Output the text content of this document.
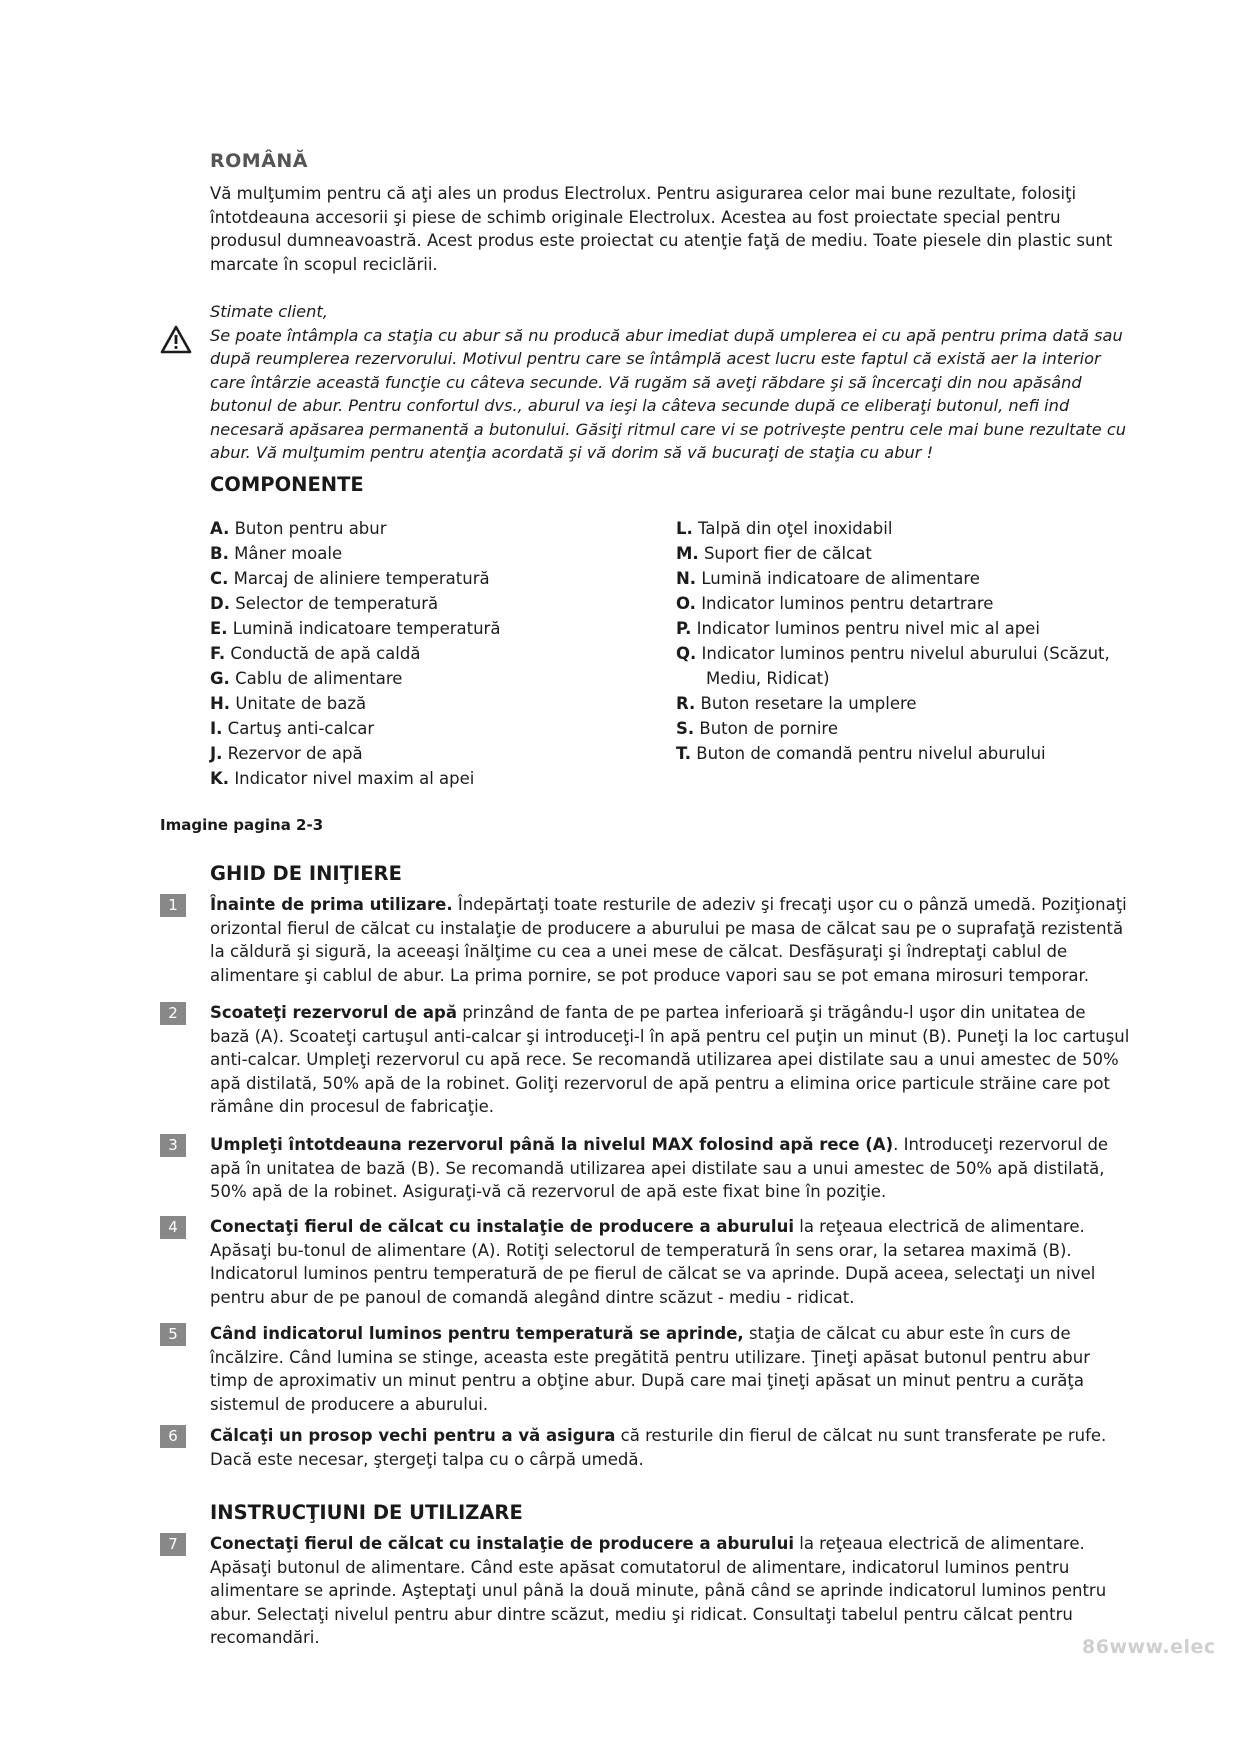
ROMÂNĂ

Vă mulţumim pentru că aţi ales un produs Electrolux. Pentru asigurarea celor mai bune rezultate, folosiţi întotdeauna accesorii şi piese de schimb originale Electrolux. Acestea au fost proiectate special pentru produsul dumneavoastră. Acest produs este proiectat cu atenţie faţă de mediu. Toate piesele din plastic sunt marcate în scopul reciclării.

Stimate client,
Se poate întâmpla ca staţia cu abur să nu producă abur imediat după umplerea ei cu apă pentru prima dată sau după reumplerea rezervorului. Motivul pentru care se întâmplă acest lucru este faptul că există aer la interior care întârzie această funcţie cu câteva secunde. Vă rugăm să aveţi răbdare şi să încercaţi din nou apăsând butonul de abur. Pentru confortul dvs., aburul va ieşi la câteva secunde după ce eliberaţi butonul, nefi ind necesară apăsarea permanentă a butonului. Găsiţi ritmul care vi se potriveşte pentru cele mai bune rezultate cu abur. Vă mulţumim pentru atenţia acordată şi vă dorim să vă bucuraţi de staţia cu abur !
COMPONENTE
A. Buton pentru abur
B. Mâner moale
C. Marcaj de aliniere temperatură
D. Selector de temperatură
E. Lumină indicatoare temperatură
F. Conductă de apă caldă
G. Cablu de alimentare
H. Unitate de bază
I. Cartuş anti-calcar
J. Rezervor de apă
K. Indicator nivel maxim al apei
L. Talpă din oţel inoxidabil
M. Suport fier de călcat
N. Lumină indicatoare de alimentare
O. Indicator luminos pentru detartrare
P. Indicator luminos pentru nivel mic al apei
Q. Indicator luminos pentru nivelul aburului (Scăzut,
Mediu, Ridicat)
R. Buton resetare la umplere
S. Buton de pornire
T. Buton de comandă pentru nivelul aburului
Imagine pagina 2-3
GHID DE INIŢIERE
1	Înainte de prima utilizare. Îndepărtaţi toate resturile de adeziv şi frecaţi uşor cu o pânză umedă. Poziţionaţi orizontal fierul de călcat cu instalaţie de producere a aburului pe masa de călcat sau pe o suprafaţă rezistentă la căldură şi sigură, la aceeaşi înălţime cu cea a unei mese de călcat. Desfăşuraţi şi îndreptaţi cablul de alimentare şi cablul de abur. La prima pornire, se pot produce vapori sau se pot emana mirosuri temporar.

2	Scoateţi rezervorul de apă prinzând de fanta de pe partea inferioară şi trăgându-l uşor din unitatea de bază (A). Scoateţi cartuşul anti-calcar şi introduceţi-l în apă pentru cel puţin un minut (B). Puneţi la loc cartuşul anti-calcar. Umpleţi rezervorul cu apă rece. Se recomandă utilizarea apei distilate sau a unui amestec de 50% apă distilată, 50% apă de la robinet. Goliţi rezervorul de apă pentru a elimina orice particule străine care pot rămâne din procesul de fabricaţie.

3	Umpleţi întotdeauna rezervorul până la nivelul MAX folosind apă rece (A). Introduceţi rezervorul de apă în unitatea de bază (B). Se recomandă utilizarea apei distilate sau a unui amestec de 50% apă distilată, 50% apă de la robinet. Asiguraţi-vă că rezervorul de apă este fixat bine în poziţie.

4	Conectaţi fierul de călcat cu instalaţie de producere a aburului la reţeaua electrică de alimentare. Apăsaţi bu-tonul de alimentare (A). Rotiţi selectorul de temperatură în sens orar, la setarea maximă (B). Indicatorul luminos pentru temperatură de pe fierul de călcat se va aprinde. După aceea, selectaţi un nivel pentru abur de pe panoul de comandă alegând dintre scăzut - mediu - ridicat.

5	Când indicatorul luminos pentru temperatură se aprinde, staţia de călcat cu abur este în curs de încălzire. Când lumina se stinge, aceasta este pregătită pentru utilizare. Ţineţi apăsat butonul pentru abur timp de aproximativ un minut pentru a obţine abur. După care mai ţineţi apăsat un minut pentru a curăţa sistemul de producere a aburului.

6	Călcaţi un prosop vechi pentru a vă asigura că resturile din fierul de călcat nu sunt transferate pe rufe. Dacă este necesar, ştergeţi talpa cu o cârpă umedă.

INSTRUCŢIUNI DE UTILIZARE
7	Conectaţi fierul de călcat cu instalaţie de producere a aburului la reţeaua electrică de alimentare. Apăsaţi butonul de alimentare. Când este apăsat comutatorul de alimentare, indicatorul luminos pentru alimentare se aprinde. Aşteptaţi unul până la două minute, până când se aprinde indicatorul luminos pentru abur. Selectaţi nivelul pentru abur dintre scăzut, mediu şi ridicat. Consultaţi tabelul pentru călcat pentru recomandări.	86www.elec
